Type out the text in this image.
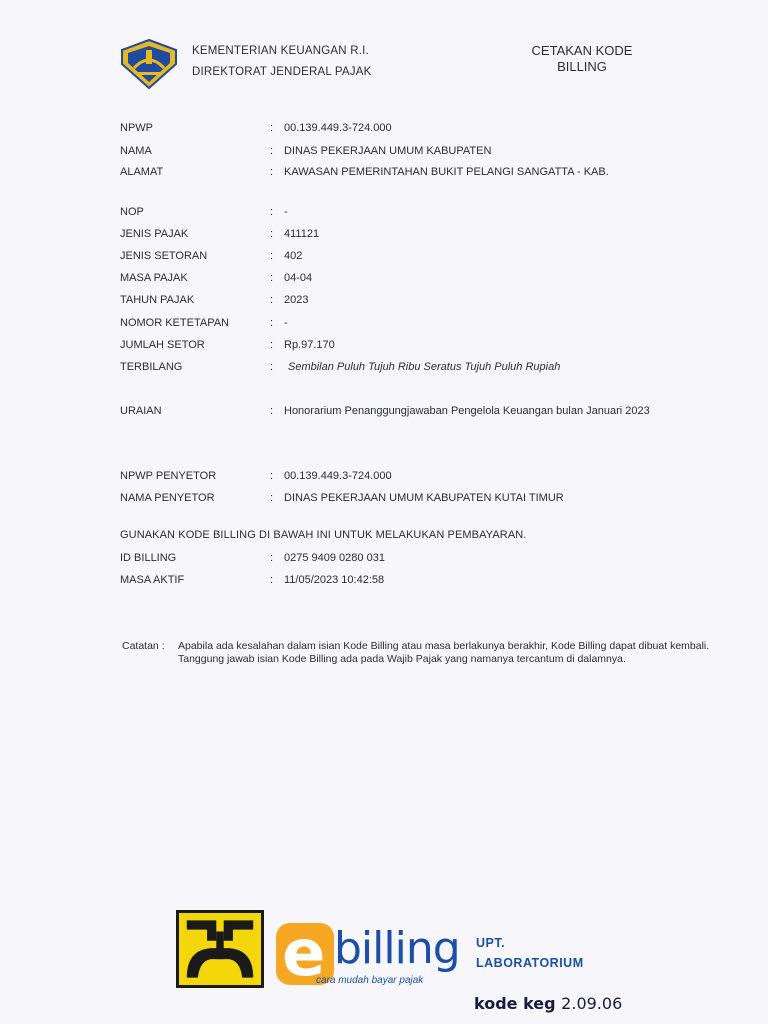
KEMENTERIAN KEUANGAN R.I.
DIREKTORAT JENDERAL PAJAK
CETAKAN KODE
BILLING
NPWP	: 00.139.449.3-724.000
NAMA	: DINAS PEKERJAAN UMUM KABUPATEN
ALAMAT	: KAWASAN PEMERINTAHAN BUKIT PELANGI SANGATTA - KAB.
NOP	: -
JENIS PAJAK	: 411121
JENIS SETORAN	: 402
MASA PAJAK	: 04-04
TAHUN PAJAK	: 2023
NOMOR KETETAPAN	: -
JUMLAH SETOR	: Rp.97.170
TERBILANG	: Sembilan Puluh Tujuh Ribu Seratus Tujuh Puluh Rupiah
URAIAN	: Honorarium Penanggungjawaban Pengelola Keuangan bulan Januari 2023
NPWP PENYETOR	: 00.139.449.3-724.000
NAMA PENYETOR	: DINAS PEKERJAAN UMUM KABUPATEN KUTAI TIMUR
GUNAKAN KODE BILLING DI BAWAH INI UNTUK MELAKUKAN PEMBAYARAN.
ID BILLING	: 0275 9409 0280 031
MASA AKTIF	: 11/05/2023 10:42:58
Catatan :	Apabila ada kesalahan dalam isian Kode Billing atau masa berlakunya berakhir, Kode Billing dapat dibuat kembali. Tanggung jawab isian Kode Billing ada pada Wajib Pajak yang namanya tercantum di dalamnya.
e billing
cara mudah bayar pajak
UPT.
LABORATORIUM
kode keg 2.09.06
